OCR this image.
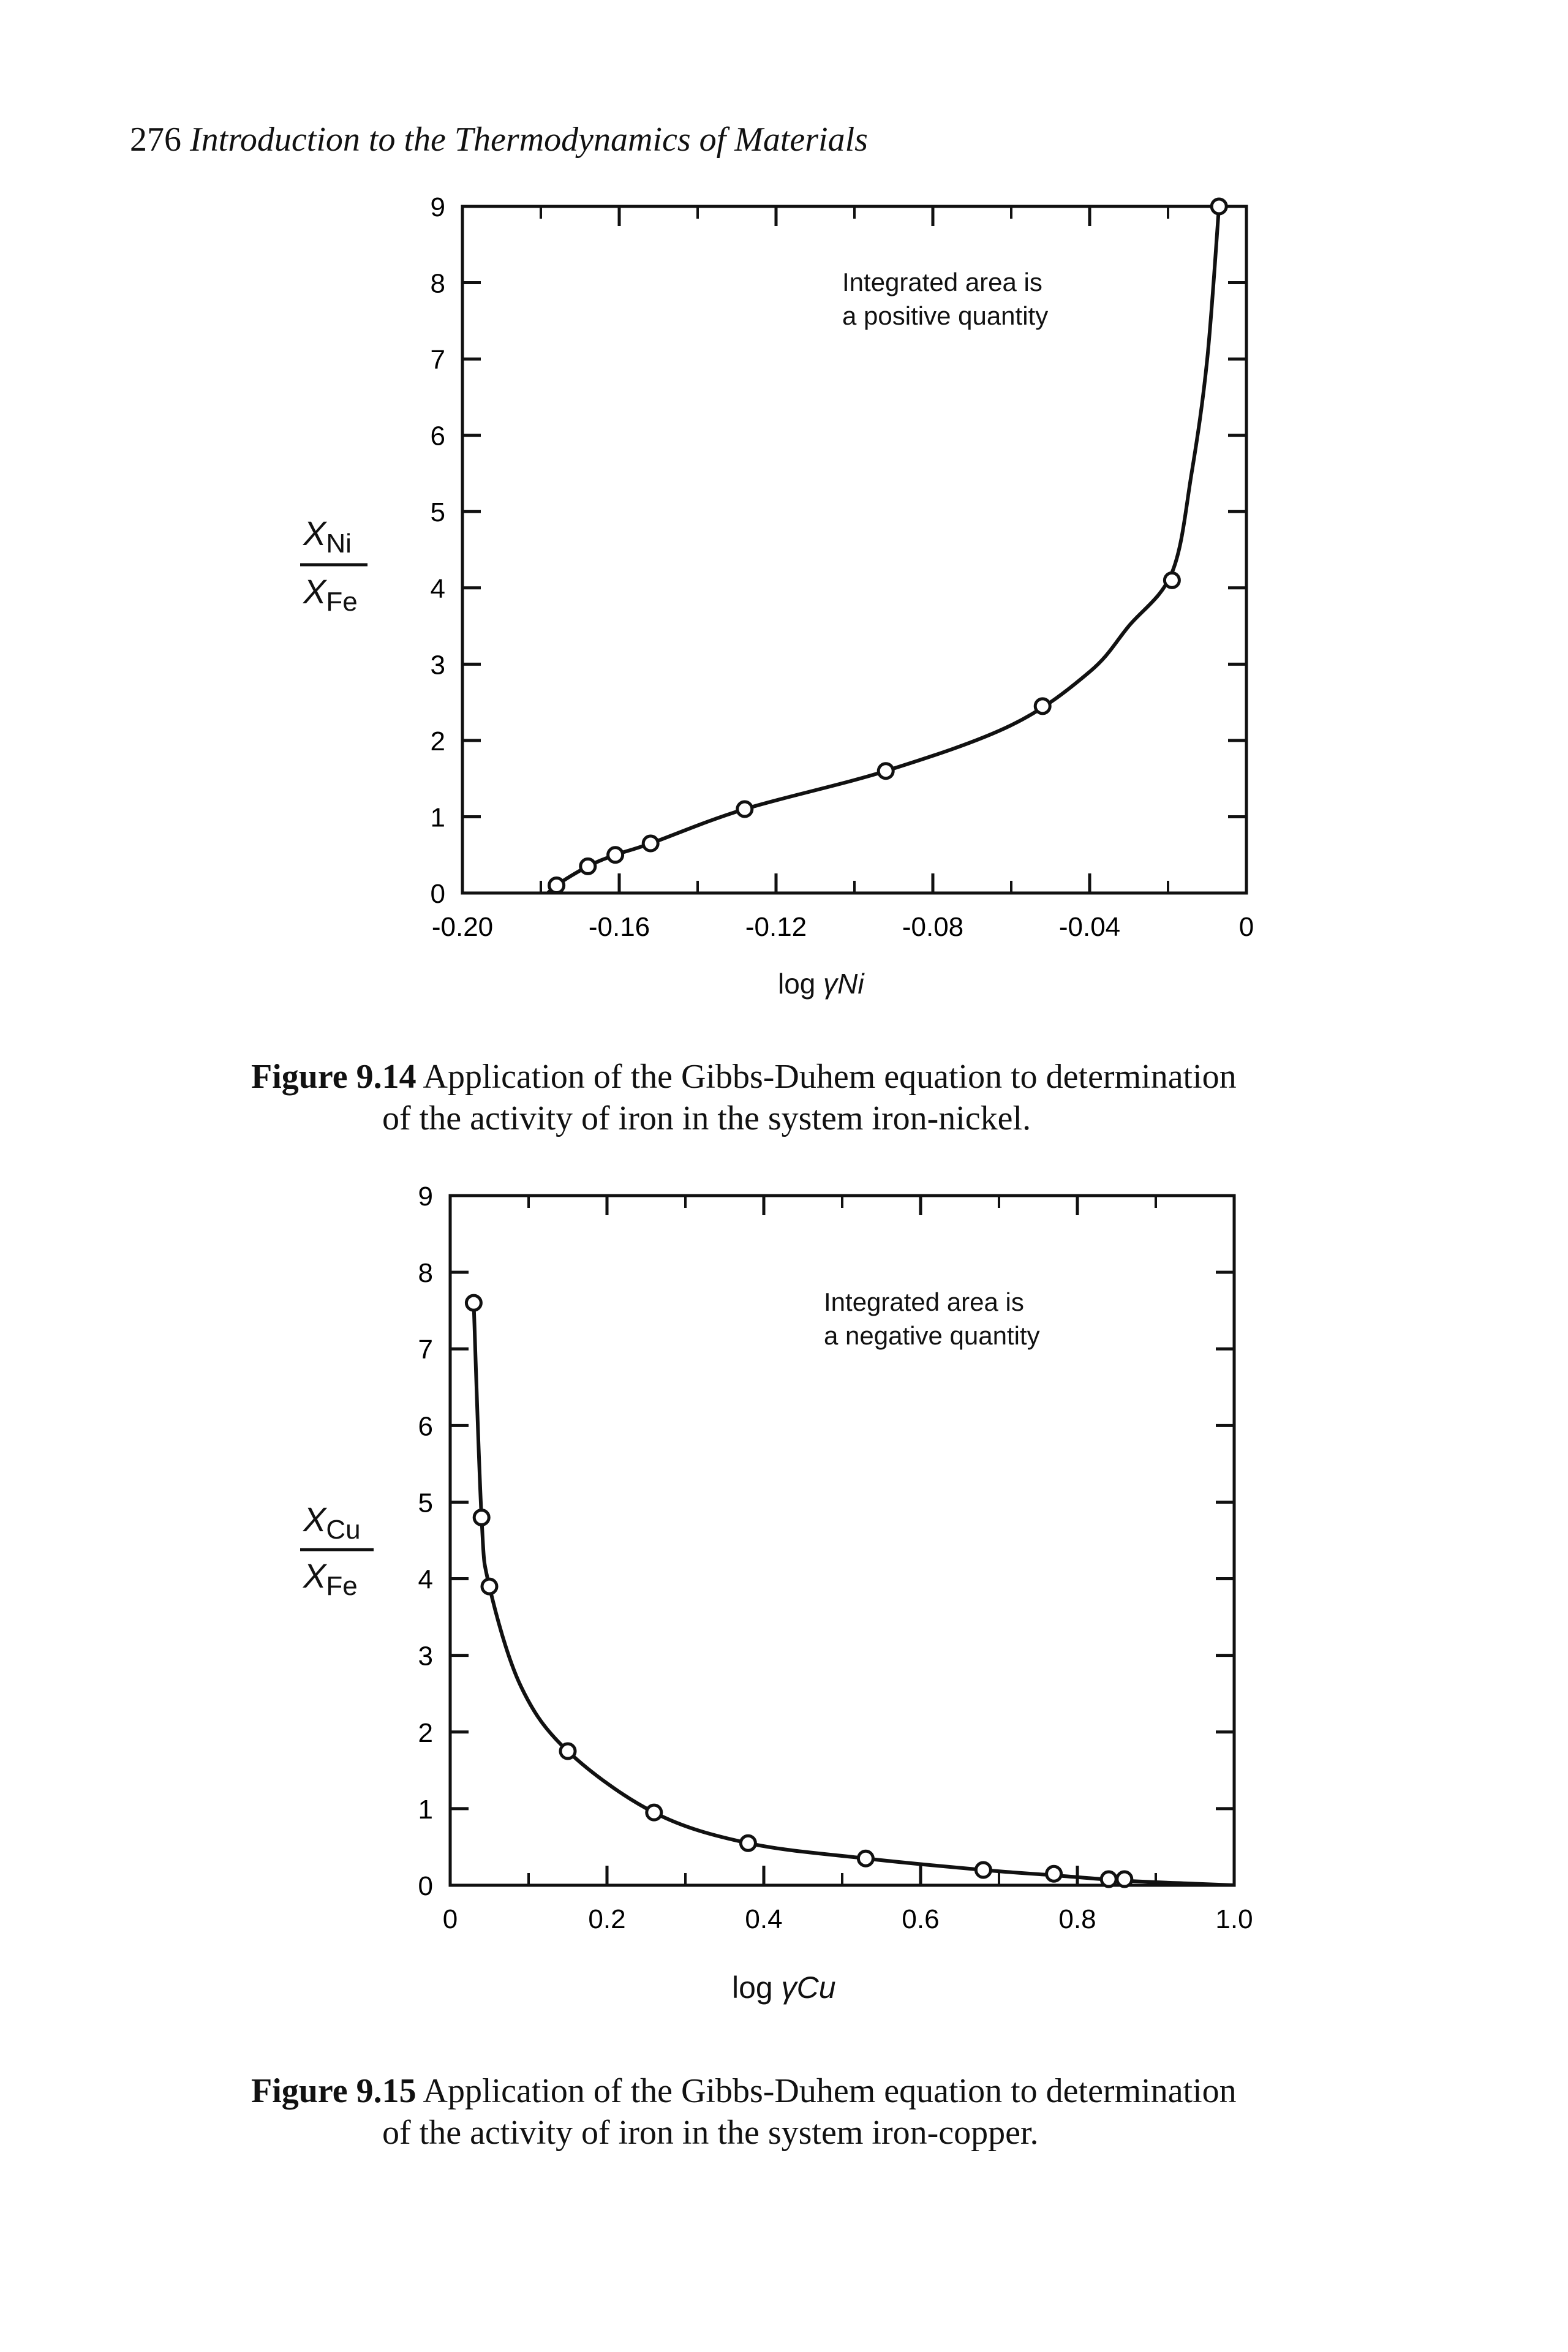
276 Introduction to the Thermodynamics of Materials
Integrated area is
a positive quantity
$X_{Ni}$
$X_{Fe}$
log γNi
0
1
2
3
4
5
6
7
8
9
-0.20	-0.16	-0.12	-0.08	-0.04	0
Figure 9.14 Application of the Gibbs-Duhem equation to determination
of the activity of iron in the system iron-nickel.
Integrated area is
a negative quantity
$X_{Cu}$
$X_{Fe}$
log γCu
0
1
2
3
4
5
6
7
8
9
0	0.2	0.4	0.6	0.8	1.0
Figure 9.15 Application of the Gibbs-Duhem equation to determination
of the activity of iron in the system iron-copper.
